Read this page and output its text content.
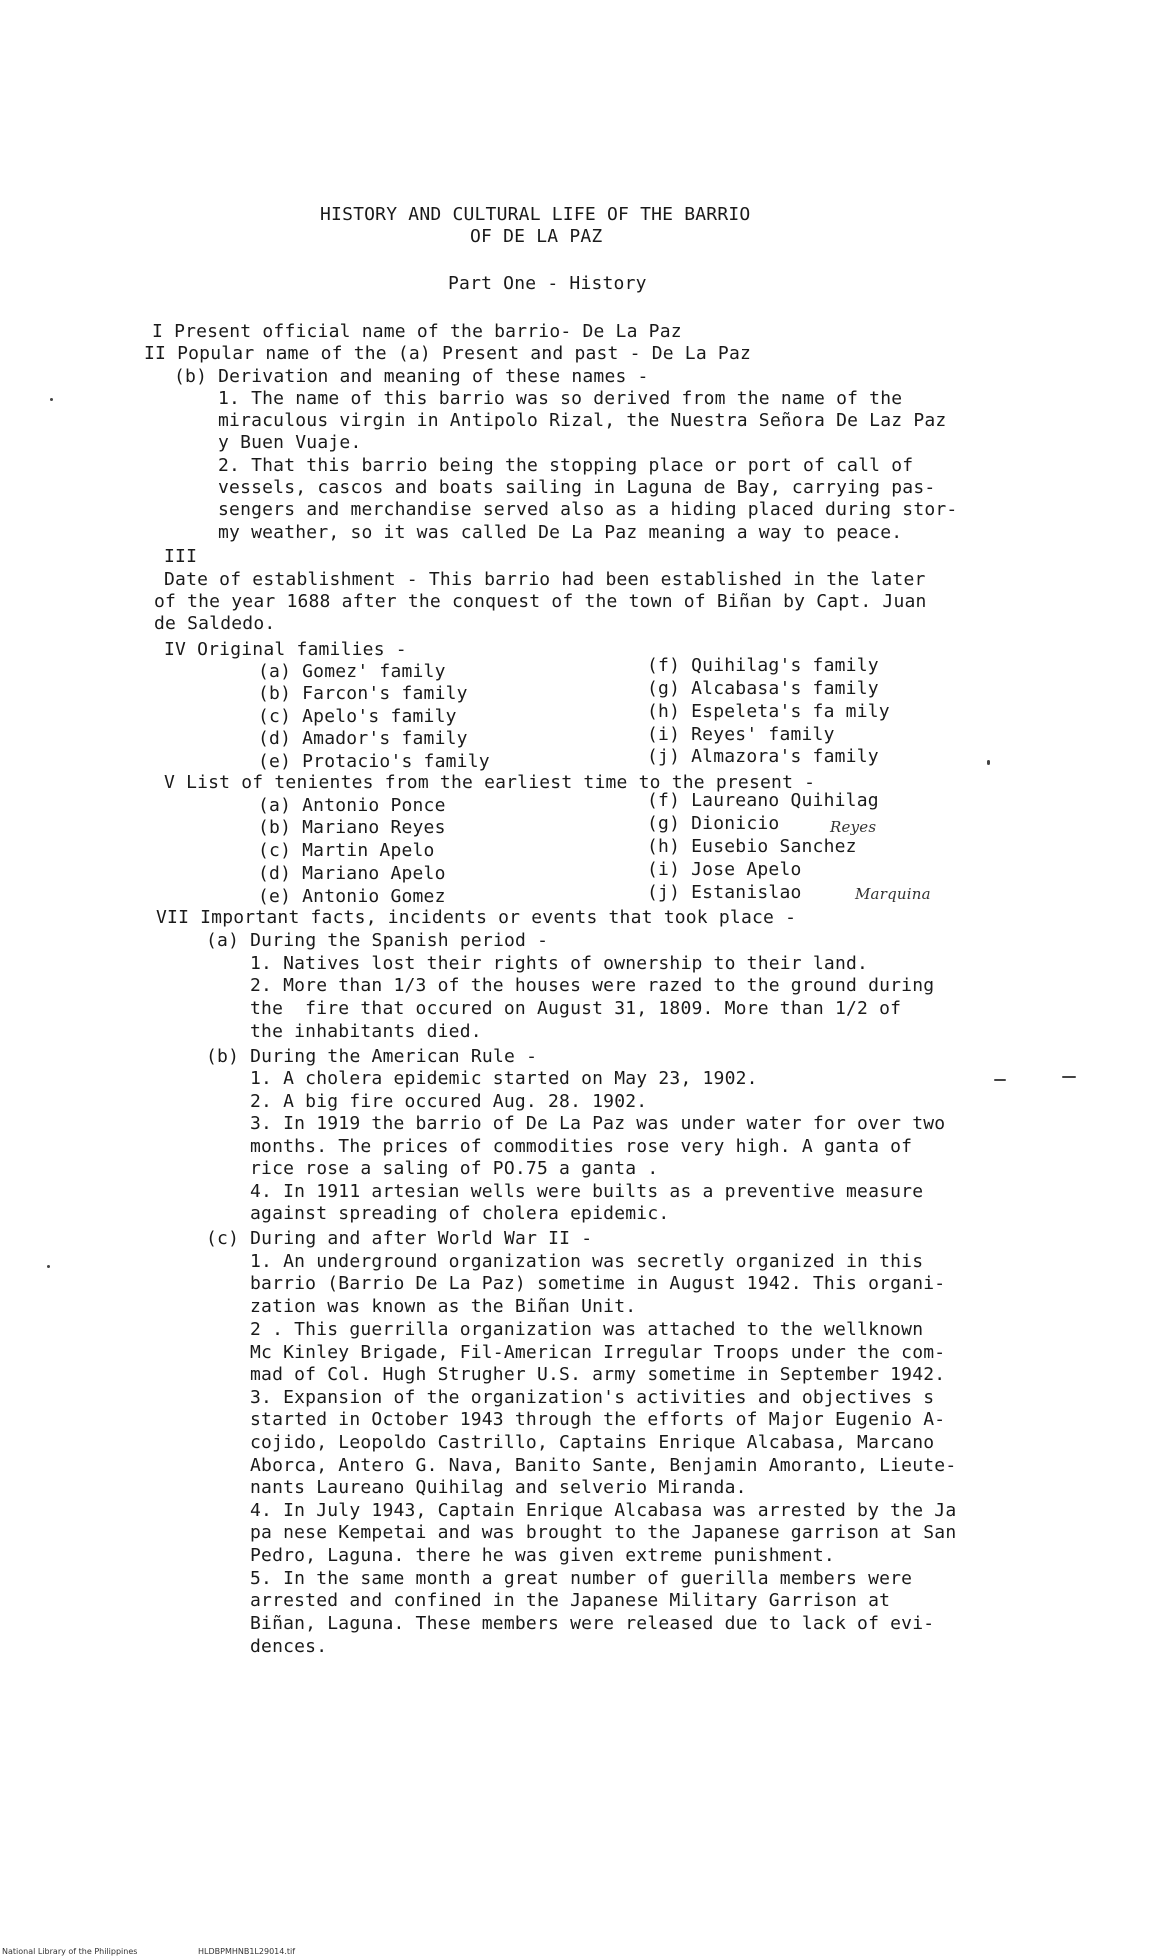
HISTORY AND CULTURAL LIFE OF THE BARRIO
OF DE LA PAZ
Part One - History
I Present official name of the barrio- De La Paz
II Popular name of the (a) Present and past - De La Paz
(b) Derivation and meaning of these names -
1. The name of this barrio was so derived from the name of the
miraculous virgin in Antipolo Rizal, the Nuestra Señora De Laz Paz
y Buen Vuaje.
2. That this barrio being the stopping place or port of call of
vessels, cascos and boats sailing in Laguna de Bay, carrying pas-
sengers and merchandise served also as a hiding placed during stor-
my weather, so it was called De La Paz meaning a way to peace.
III
Date of establishment - This barrio had been established in the later
of the year 1688 after the conquest of the town of Biñan by Capt. Juan
de Saldedo.
IV Original families -
(a) Gomez' family
(b) Farcon's family
(c) Apelo's family
(d) Amador's family
(e) Protacio's family
(f) Quihilag's family
(g) Alcabasa's family
(h) Espeleta's fa mily
(i) Reyes' family
(j) Almazora's family
V List of tenientes from the earliest time to the present -
(a) Antonio Ponce
(b) Mariano Reyes
(c) Martin Apelo
(d) Mariano Apelo
(e) Antonio Gomez
(f) Laureano Quihilag
(g) Dionicio	Reyes
(h) Eusebio Sanchez
(i) Jose Apelo
(j) Estanislao	Marquina
VII Important facts, incidents or events that took place -
(a) During the Spanish period -
1. Natives lost their rights of ownership to their land.
2. More than 1/3 of the houses were razed to the ground during
the  fire that occured on August 31, 1809. More than 1/2 of
the inhabitants died.
(b) During the American Rule -
1. A cholera epidemic started on May 23, 1902.
2. A big fire occured Aug. 28. 1902.
3. In 1919 the barrio of De La Paz was under water for over two
months. The prices of commodities rose very high. A ganta of
rice rose a saling of PO.75 a ganta .
4. In 1911 artesian wells were builts as a preventive measure
against spreading of cholera epidemic.
(c) During and after World War II -
1. An underground organization was secretly organized in this
barrio (Barrio De La Paz) sometime in August 1942. This organi-
zation was known as the Biñan Unit.
2 . This guerrilla organization was attached to the wellknown
Mc Kinley Brigade, Fil-American Irregular Troops under the com-
mad of Col. Hugh Strugher U.S. army sometime in September 1942.
3. Expansion of the organization's activities and objectives s
started in October 1943 through the efforts of Major Eugenio A-
cojido, Leopoldo Castrillo, Captains Enrique Alcabasa, Marcano
Aborca, Antero G. Nava, Banito Sante, Benjamin Amoranto, Lieute-
nants Laureano Quihilag and selverio Miranda.
4. In July 1943, Captain Enrique Alcabasa was arrested by the Ja
pa nese Kempetai and was brought to the Japanese garrison at San
Pedro, Laguna. there he was given extreme punishment.
5. In the same month a great number of guerilla members were
arrested and confined in the Japanese Military Garrison at
Biñan, Laguna. These members were released due to lack of evi-
dences.
National Library of the Philippines	HLDBPMHNB1L29014.tif
